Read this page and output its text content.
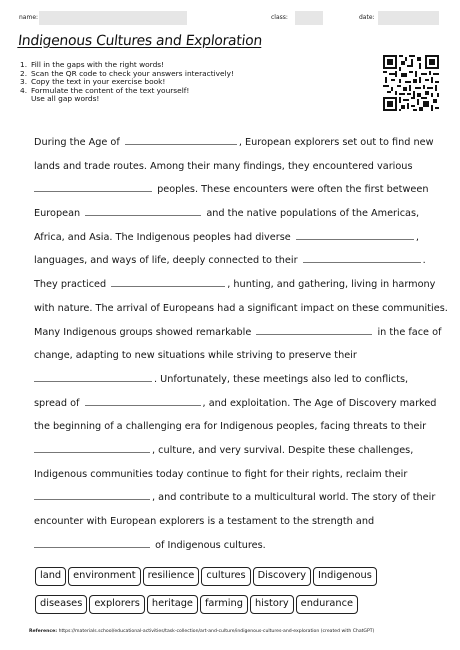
name:	class:	date:
Indigenous Cultures and Exploration
1. Fill in the gaps with the right words!
2. Scan the QR code to check your answers interactively!
3. Copy the text in your exercise book!
4. Formulate the content of the text yourself!
Use all gap words!
During the Age of	, European explorers set out to find new
lands and trade routes. Among their many findings, they encountered various
peoples. These encounters were often the first between
European	and the native populations of the Americas,
Africa, and Asia. The Indigenous peoples had diverse	,
languages, and ways of life, deeply connected to their	.
They practiced	, hunting, and gathering, living in harmony
with nature. The arrival of Europeans had a significant impact on these communities.
Many Indigenous groups showed remarkable	in the face of
change, adapting to new situations while striving to preserve their
. Unfortunately, these meetings also led to conflicts,
spread of	, and exploitation. The Age of Discovery marked
the beginning of a challenging era for Indigenous peoples, facing threats to their
, culture, and very survival. Despite these challenges,
Indigenous communities today continue to fight for their rights, reclaim their
, and contribute to a multicultural world. The story of their
encounter with European explorers is a testament to the strength and
of Indigenous cultures.
land environment resilience cultures Discovery Indigenous
diseases explorers heritage farming history endurance
Reference: https://materials.school/educational-activities/task-collection/art-and-culture/indigenous-cultures-and-exploration (created with ChatGPT)
